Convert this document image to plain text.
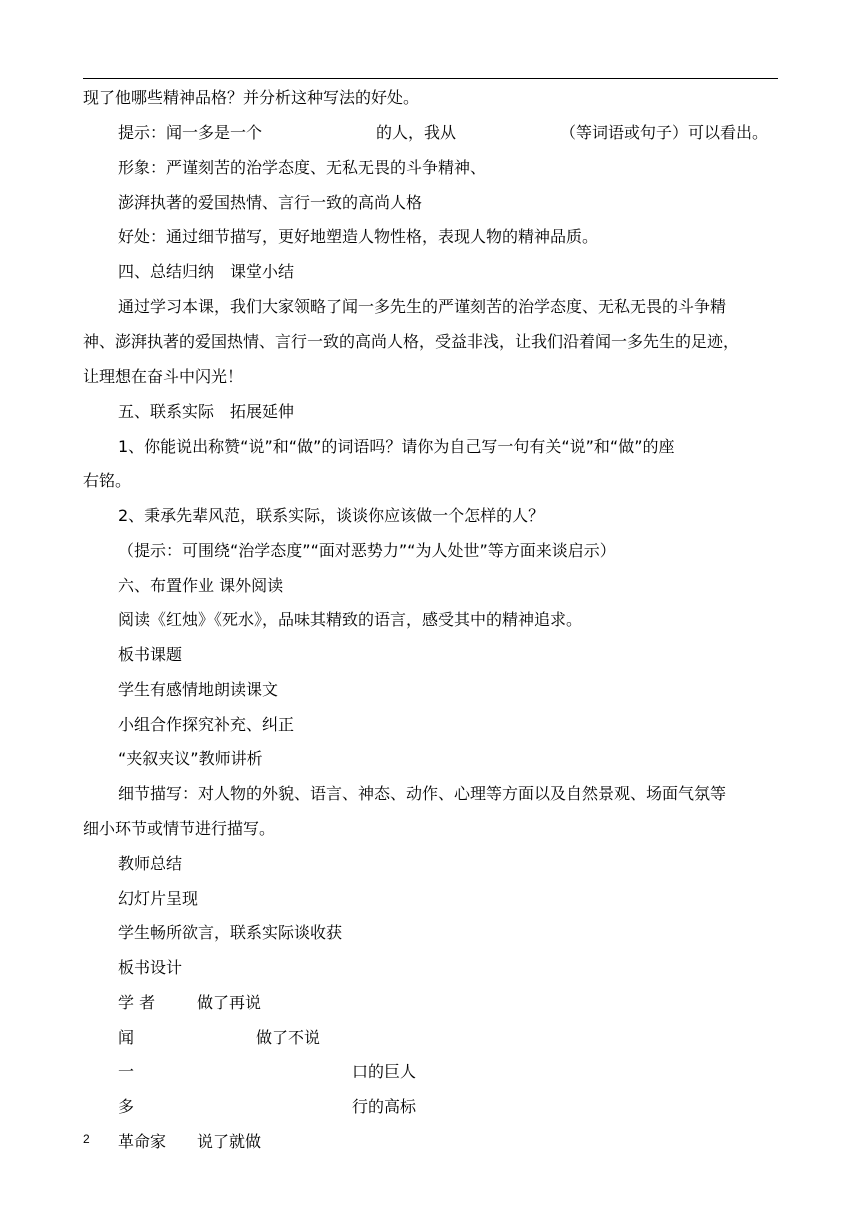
现了他哪些精神品格？并分析这种写法的好处。
提示：闻一多是一个	的人，我从	（等词语或句子）可以看出。
形象：严谨刻苦的治学态度、无私无畏的斗争精神、
澎湃执著的爱国热情、言行一致的高尚人格
好处：通过细节描写，更好地塑造人物性格，表现人物的精神品质。
四、总结归纳　课堂小结
通过学习本课，我们大家领略了闻一多先生的严谨刻苦的治学态度、无私无畏的斗争精
神、澎湃执著的爱国热情、言行一致的高尚人格，受益非浅，让我们沿着闻一多先生的足迹，
让理想在奋斗中闪光！
五、联系实际　拓展延伸
1、你能说出称赞“说”和“做”的词语吗？请你为自己写一句有关“说”和“做”的座
右铭。
2、秉承先辈风范，联系实际，谈谈你应该做一个怎样的人？
（提示：可围绕“治学态度”“面对恶势力”“为人处世”等方面来谈启示）
六、布置作业 课外阅读
阅读《红烛》《死水》，品味其精致的语言，感受其中的精神追求。
板书课题
学生有感情地朗读课文
小组合作探究补充、纠正
“夹叙夹议”教师讲析
细节描写：对人物的外貌、语言、神态、动作、心理等方面以及自然景观、场面气氛等
细小环节或情节进行描写。
教师总结
幻灯片呈现
学生畅所欲言，联系实际谈收获
板书设计
学 者	做了再说
闻	做了不说
一	口的巨人
多	行的高标
革命家 说了就做
2
